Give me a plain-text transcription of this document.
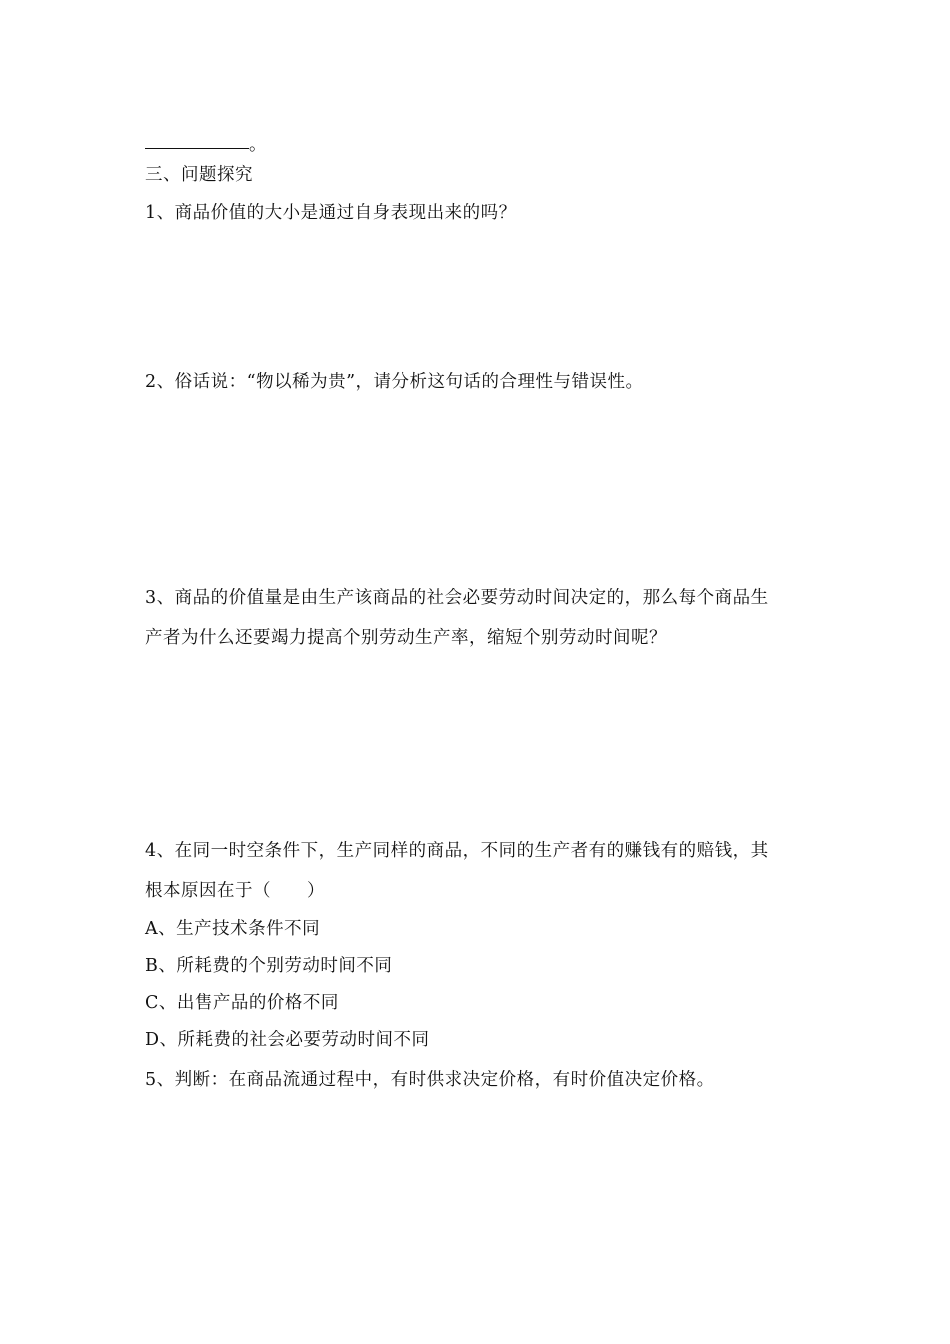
。
三、问题探究
1、商品价值的大小是通过自身表现出来的吗？
2、俗话说：“物以稀为贵”，请分析这句话的合理性与错误性。
3、商品的价值量是由生产该商品的社会必要劳动时间决定的，那么每个商品生
产者为什么还要竭力提高个别劳动生产率，缩短个别劳动时间呢？
4、在同一时空条件下，生产同样的商品，不同的生产者有的赚钱有的赔钱，其
根本原因在于（　　）
A、生产技术条件不同
B、所耗费的个别劳动时间不同
C、出售产品的价格不同
D、所耗费的社会必要劳动时间不同
5、判断：在商品流通过程中，有时供求决定价格，有时价值决定价格。
